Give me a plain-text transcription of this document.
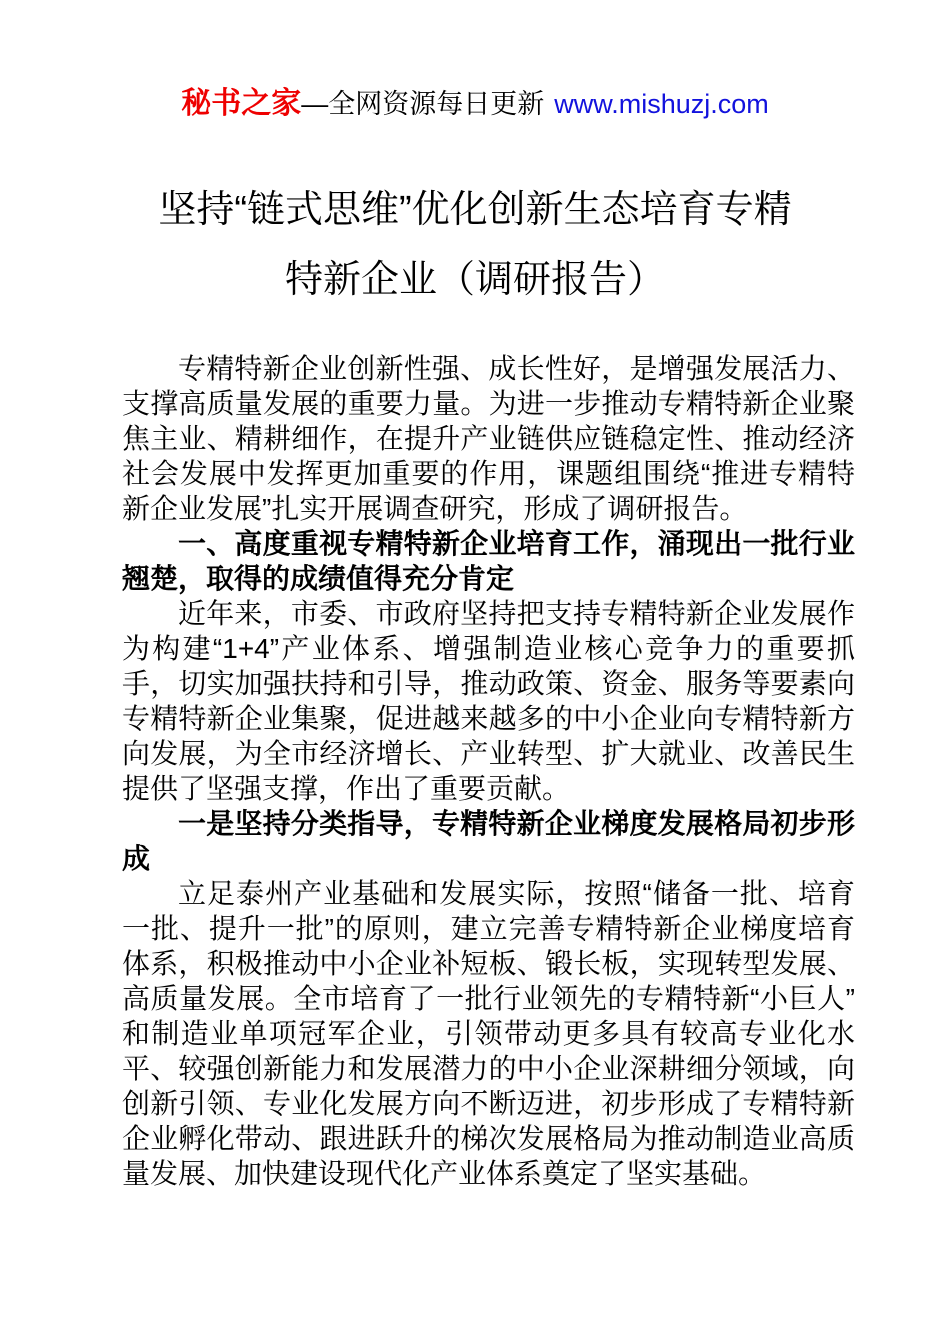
秘书之家—全网资源每日更新 www.mishuzj.com
坚持“链式思维”优化创新生态培育专精
特新企业（调研报告）

专精特新企业创新性强、成长性好，是增强发展活力、支撑高质量发展的重要力量。为进一步推动专精特新企业聚焦主业、精耕细作，在提升产业链供应链稳定性、推动经济社会发展中发挥更加重要的作用，课题组围绕“推进专精特新企业发展”扎实开展调查研究，形成了调研报告。

一、高度重视专精特新企业培育工作，涌现出一批行业翘楚，取得的成绩值得充分肯定

近年来，市委、市政府坚持把支持专精特新企业发展作为构建“1+4”产业体系、增强制造业核心竞争力的重要抓手，切实加强扶持和引导，推动政策、资金、服务等要素向专精特新企业集聚，促进越来越多的中小企业向专精特新方向发展，为全市经济增长、产业转型、扩大就业、改善民生提供了坚强支撑，作出了重要贡献。

一是坚持分类指导，专精特新企业梯度发展格局初步形成

立足泰州产业基础和发展实际，按照“储备一批、培育一批、提升一批”的原则，建立完善专精特新企业梯度培育体系，积极推动中小企业补短板、锻长板，实现转型发展、高质量发展。全市培育了一批行业领先的专精特新“小巨人”和制造业单项冠军企业，引领带动更多具有较高专业化水平、较强创新能力和发展潜力的中小企业深耕细分领域，向创新引领、专业化发展方向不断迈进，初步形成了专精特新企业孵化带动、跟进跃升的梯次发展格局为推动制造业高质量发展、加快建设现代化产业体系奠定了坚实基础。
